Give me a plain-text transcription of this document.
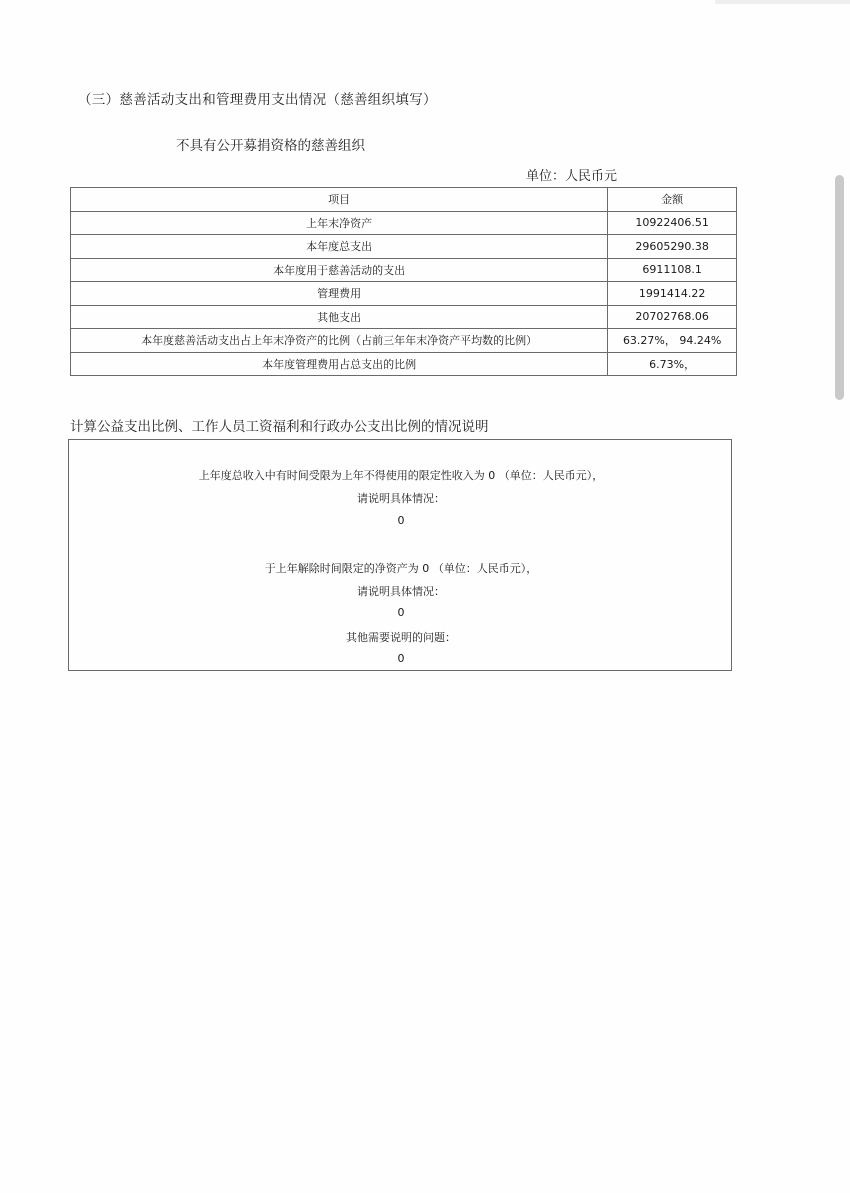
（三）慈善活动支出和管理费用支出情况（慈善组织填写）
不具有公开募捐资格的慈善组织
单位：人民币元
项目	金额
上年末净资产	10922406.51
本年度总支出	29605290.38
本年度用于慈善活动的支出	6911108.1
管理费用	1991414.22
其他支出	20702768.06
本年度慈善活动支出占上年末净资产的比例（占前三年年末净资产平均数的比例）	63.27%， 94.24%
本年度管理费用占总支出的比例	6.73%，
计算公益支出比例、工作人员工资福利和行政办公支出比例的情况说明
上年度总收入中有时间受限为上年不得使用的限定性收入为 0 （单位：人民币元），
请说明具体情况：
0
于上年解除时间限定的净资产为 0 （单位：人民币元），
请说明具体情况：
0
其他需要说明的问题：
0
